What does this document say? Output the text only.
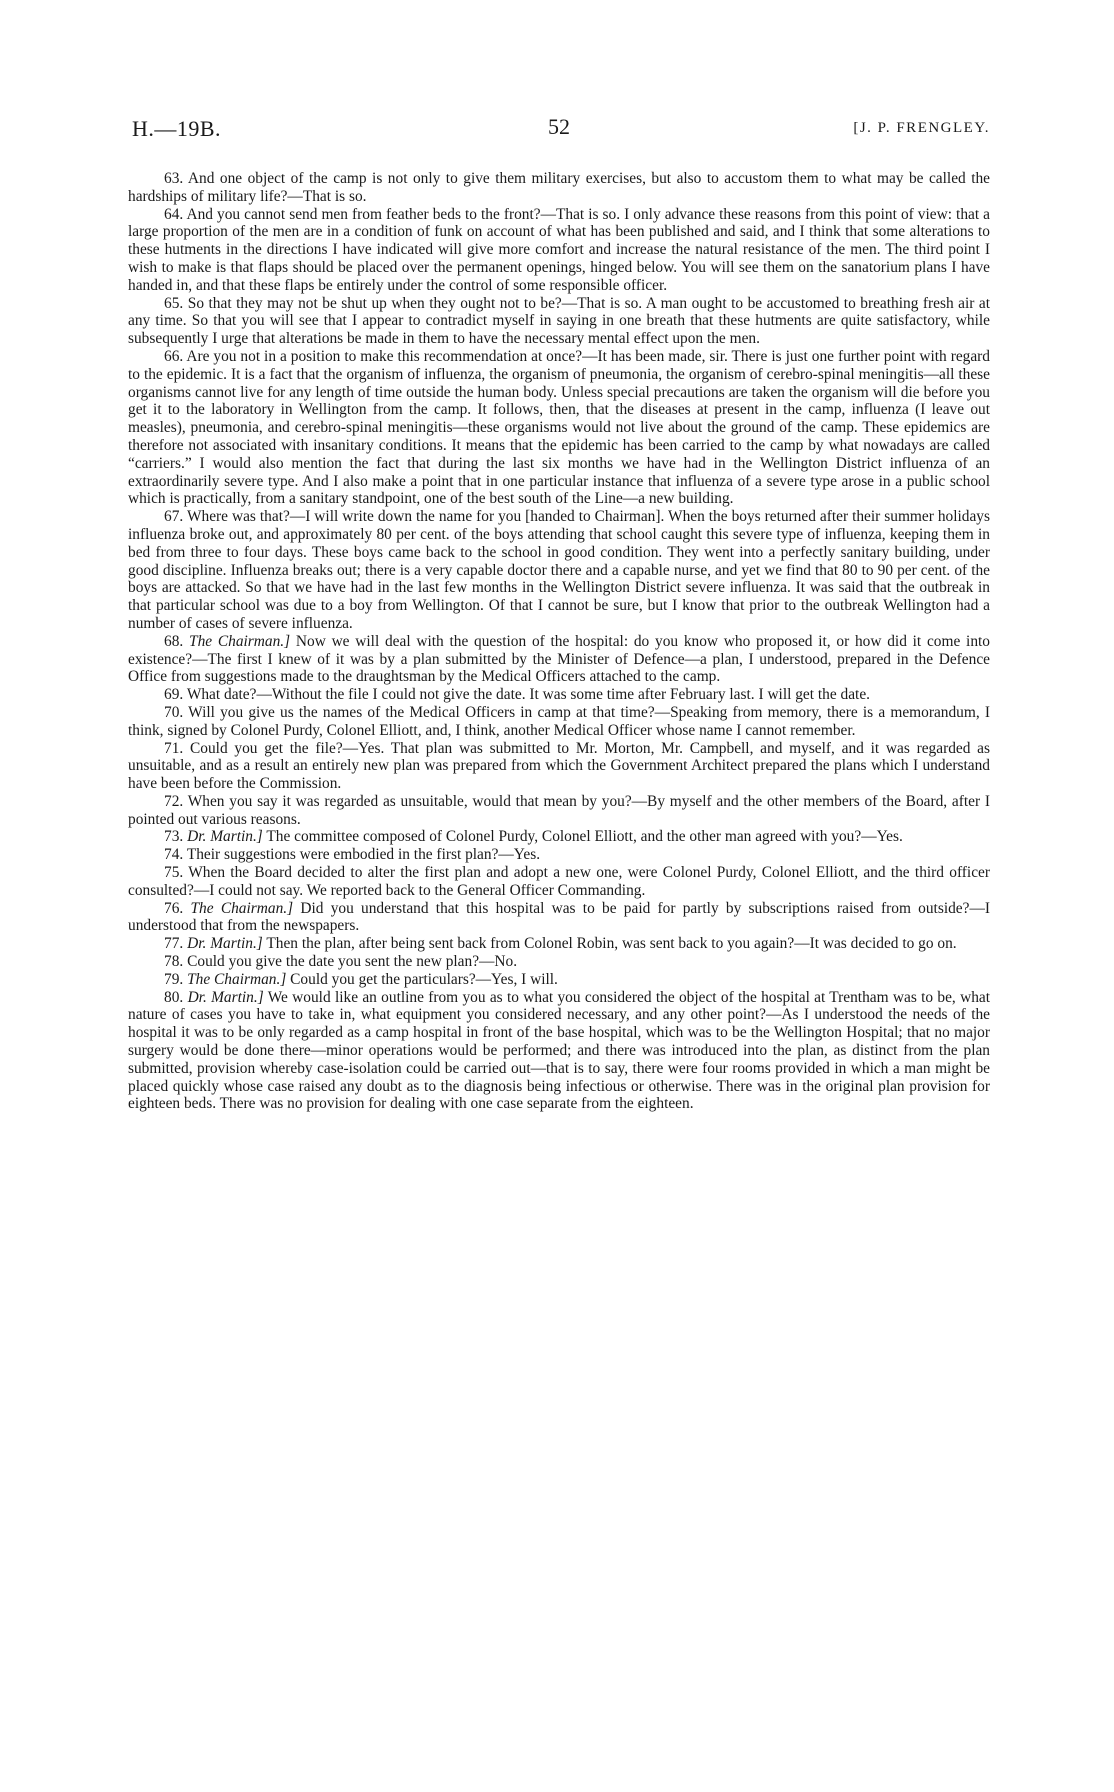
H.—19B.	52	[J. P. FRENGLEY.

63. And one object of the camp is not only to give them military exercises, but also to accustom them to what may be called the hardships of military life?—That is so.

64. And you cannot send men from feather beds to the front?—That is so. I only advance these reasons from this point of view: that a large proportion of the men are in a condition of funk on account of what has been published and said, and I think that some alterations to these hutments in the directions I have indicated will give more comfort and increase the natural resistance of the men. The third point I wish to make is that flaps should be placed over the permanent openings, hinged below. You will see them on the sanatorium plans I have handed in, and that these flaps be entirely under the control of some responsible officer.

65. So that they may not be shut up when they ought not to be?—That is so. A man ought to be accustomed to breathing fresh air at any time. So that you will see that I appear to contradict myself in saying in one breath that these hutments are quite satisfactory, while subsequently I urge that alterations be made in them to have the necessary mental effect upon the men.

66. Are you not in a position to make this recommendation at once?—It has been made, sir. There is just one further point with regard to the epidemic. It is a fact that the organism of influenza, the organism of pneumonia, the organism of cerebro-spinal meningitis—all these organisms cannot live for any length of time outside the human body. Unless special precautions are taken the organism will die before you get it to the laboratory in Wellington from the camp. It follows, then, that the diseases at present in the camp, influenza (I leave out measles), pneumonia, and cerebro-spinal meningitis—these organisms would not live about the ground of the camp. These epidemics are therefore not associated with insanitary conditions. It means that the epidemic has been carried to the camp by what nowadays are called “carriers.” I would also mention the fact that during the last six months we have had in the Wellington District influenza of an extraordinarily severe type. And I also make a point that in one particular instance that influenza of a severe type arose in a public school which is practically, from a sanitary standpoint, one of the best south of the Line—a new building.

67. Where was that?—I will write down the name for you [handed to Chairman]. When the boys returned after their summer holidays influenza broke out, and approximately 80 per cent. of the boys attending that school caught this severe type of influenza, keeping them in bed from three to four days. These boys came back to the school in good condition. They went into a perfectly sanitary building, under good discipline. Influenza breaks out; there is a very capable doctor there and a capable nurse, and yet we find that 80 to 90 per cent. of the boys are attacked. So that we have had in the last few months in the Wellington District severe influenza. It was said that the outbreak in that particular school was due to a boy from Wellington. Of that I cannot be sure, but I know that prior to the outbreak Wellington had a number of cases of severe influenza.

68. The Chairman.] Now we will deal with the question of the hospital: do you know who proposed it, or how did it come into existence?—The first I knew of it was by a plan submitted by the Minister of Defence—a plan, I understood, prepared in the Defence Office from suggestions made to the draughtsman by the Medical Officers attached to the camp.

69. What date?—Without the file I could not give the date. It was some time after February last. I will get the date.

70. Will you give us the names of the Medical Officers in camp at that time?—Speaking from memory, there is a memorandum, I think, signed by Colonel Purdy, Colonel Elliott, and, I think, another Medical Officer whose name I cannot remember.

71. Could you get the file?—Yes. That plan was submitted to Mr. Morton, Mr. Campbell, and myself, and it was regarded as unsuitable, and as a result an entirely new plan was prepared from which the Government Architect prepared the plans which I understand have been before the Commission.

72. When you say it was regarded as unsuitable, would that mean by you?—By myself and the other members of the Board, after I pointed out various reasons.

73. Dr. Martin.] The committee composed of Colonel Purdy, Colonel Elliott, and the other man agreed with you?—Yes.

74. Their suggestions were embodied in the first plan?—Yes.

75. When the Board decided to alter the first plan and adopt a new one, were Colonel Purdy, Colonel Elliott, and the third officer consulted?—I could not say. We reported back to the General Officer Commanding.

76. The Chairman.] Did you understand that this hospital was to be paid for partly by subscriptions raised from outside?—I understood that from the newspapers.

77. Dr. Martin.] Then the plan, after being sent back from Colonel Robin, was sent back to you again?—It was decided to go on.

78. Could you give the date you sent the new plan?—No.

79. The Chairman.] Could you get the particulars?—Yes, I will.

80. Dr. Martin.] We would like an outline from you as to what you considered the object of the hospital at Trentham was to be, what nature of cases you have to take in, what equipment you considered necessary, and any other point?—As I understood the needs of the hospital it was to be only regarded as a camp hospital in front of the base hospital, which was to be the Wellington Hospital; that no major surgery would be done there—minor operations would be performed; and there was introduced into the plan, as distinct from the plan submitted, provision whereby case-isolation could be carried out—that is to say, there were four rooms provided in which a man might be placed quickly whose case raised any doubt as to the diagnosis being infectious or otherwise. There was in the original plan provision for eighteen beds. There was no provision for dealing with one case separate from the eighteen.
